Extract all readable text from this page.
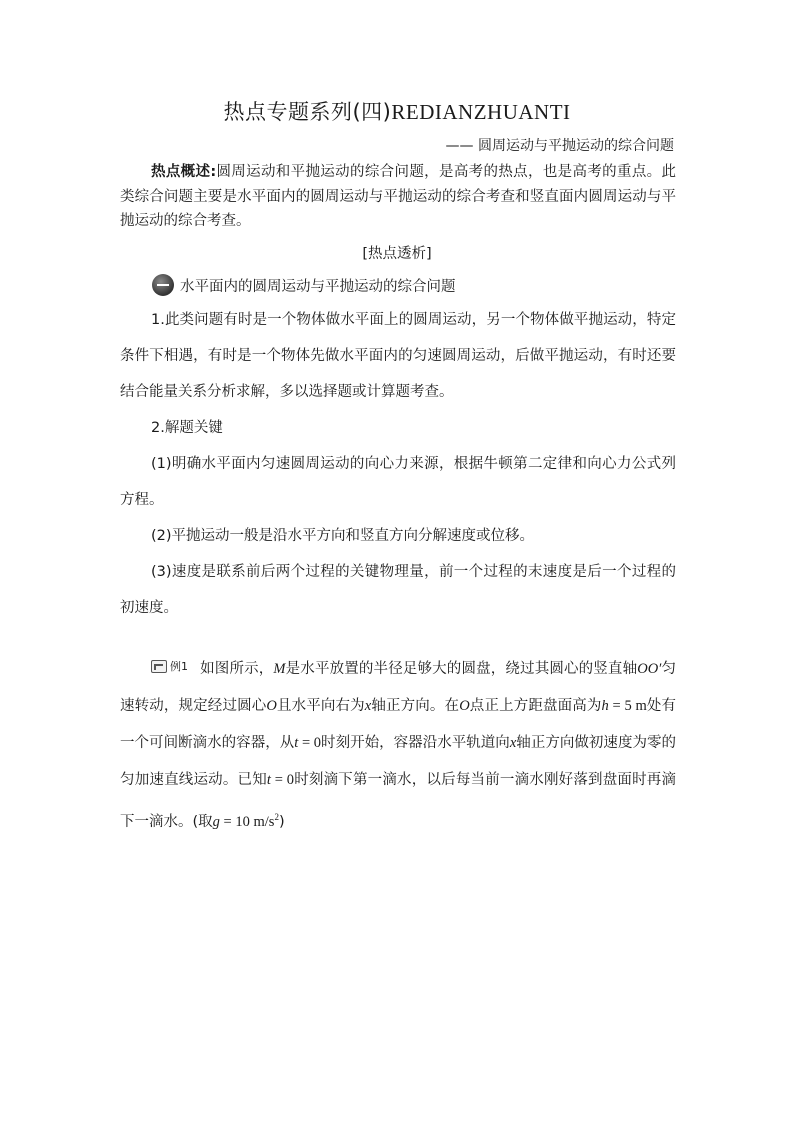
热点专题系列(四)REDIANZHUANTI
—— 圆周运动与平抛运动的综合问题
热点概述:圆周运动和平抛运动的综合问题，是高考的热点，也是高考的重点。此类综合问题主要是水平面内的圆周运动与平抛运动的综合考查和竖直面内圆周运动与平抛运动的综合考查。
[热点透析]
水平面内的圆周运动与平抛运动的综合问题

1.此类问题有时是一个物体做水平面上的圆周运动，另一个物体做平抛运动，特定条件下相遇，有时是一个物体先做水平面内的匀速圆周运动，后做平抛运动，有时还要结合能量关系分析求解，多以选择题或计算题考查。

2.解题关键

(1)明确水平面内匀速圆周运动的向心力来源，根据牛顿第二定律和向心力公式列方程。

(2)平抛运动一般是沿水平方向和竖直方向分解速度或位移。

(3)速度是联系前后两个过程的关键物理量，前一个过程的末速度是后一个过程的初速度。

例1 如图所示，M是水平放置的半径足够大的圆盘，绕过其圆心的竖直轴OO′匀速转动，规定经过圆心O且水平向右为x轴正方向。在O点正上方距盘面高为h = 5 m处有一个可间断滴水的容器，从t = 0时刻开始，容器沿水平轨道向x轴正方向做初速度为零的匀加速直线运动。已知t = 0时刻滴下第一滴水，以后每当前一滴水刚好落到盘面时再滴下一滴水。(取g = 10 $m/s^2$)
